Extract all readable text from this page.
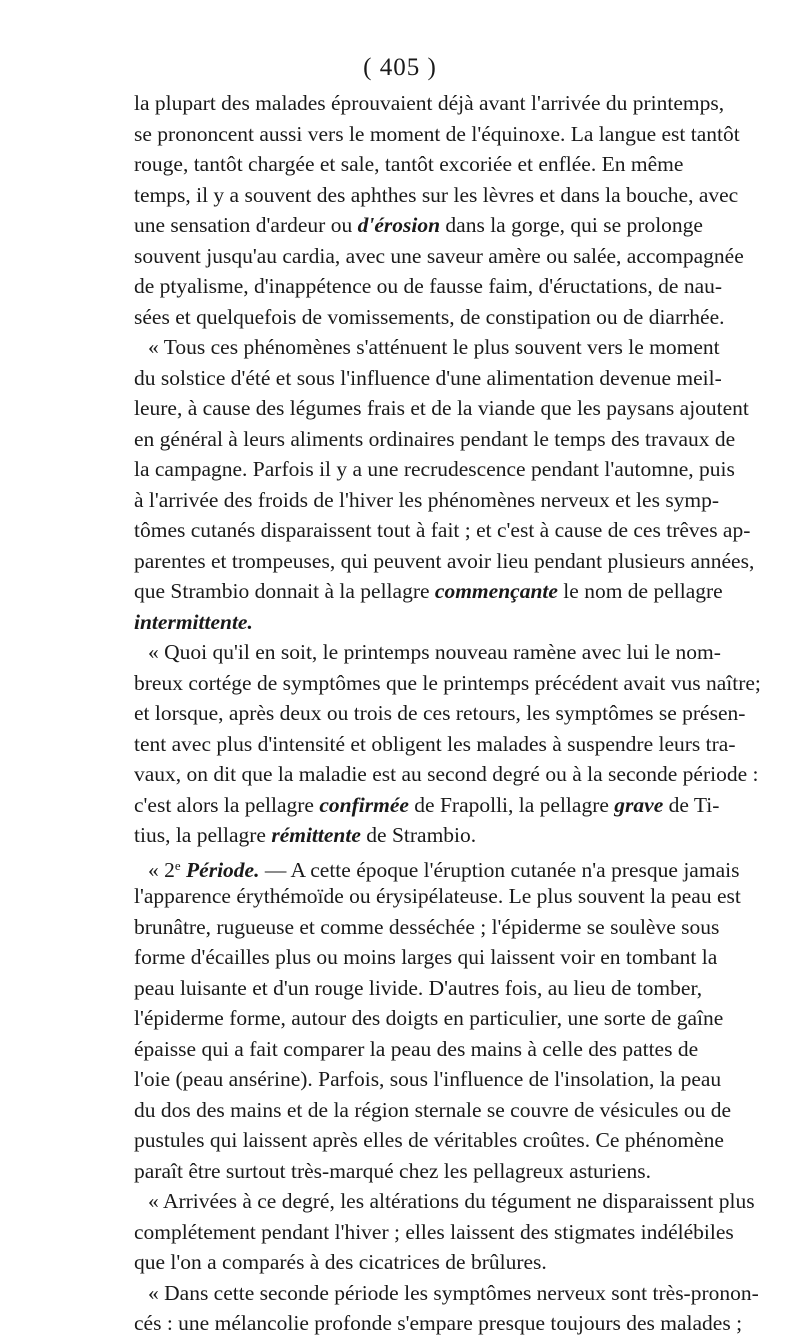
( 405 )
la plupart des malades éprouvaient déjà avant l'arrivée du printemps,
se prononcent aussi vers le moment de l'équinoxe. La langue est tantôt
rouge, tantôt chargée et sale, tantôt excoriée et enflée. En même
temps, il y a souvent des aphthes sur les lèvres et dans la bouche, avec
une sensation d'ardeur ou d'érosion dans la gorge, qui se prolonge
souvent jusqu'au cardia, avec une saveur amère ou salée, accompagnée
de ptyalisme, d'inappétence ou de fausse faim, d'éructations, de nau-
sées et quelquefois de vomissements, de constipation ou de diarrhée.
« Tous ces phénomènes s'atténuent le plus souvent vers le moment
du solstice d'été et sous l'influence d'une alimentation devenue meil-
leure, à cause des légumes frais et de la viande que les paysans ajoutent
en général à leurs aliments ordinaires pendant le temps des travaux de
la campagne. Parfois il y a une recrudescence pendant l'automne, puis
à l'arrivée des froids de l'hiver les phénomènes nerveux et les symp-
tômes cutanés disparaissent tout à fait ; et c'est à cause de ces trêves ap-
parentes et trompeuses, qui peuvent avoir lieu pendant plusieurs années,
que Strambio donnait à la pellagre commençante le nom de pellagre
intermittente.
« Quoi qu'il en soit, le printemps nouveau ramène avec lui le nom-
breux cortége de symptômes que le printemps précédent avait vus naître;
et lorsque, après deux ou trois de ces retours, les symptômes se présen-
tent avec plus d'intensité et obligent les malades à suspendre leurs tra-
vaux, on dit que la maladie est au second degré ou à la seconde période :
c'est alors la pellagre confirmée de Frapolli, la pellagre grave de Ti-
tius, la pellagre rémittente de Strambio.
« 2e Période. — A cette époque l'éruption cutanée n'a presque jamais
l'apparence érythémoïde ou érysipélateuse. Le plus souvent la peau est
brunâtre, rugueuse et comme desséchée ; l'épiderme se soulève sous
forme d'écailles plus ou moins larges qui laissent voir en tombant la
peau luisante et d'un rouge livide. D'autres fois, au lieu de tomber,
l'épiderme forme, autour des doigts en particulier, une sorte de gaîne
épaisse qui a fait comparer la peau des mains à celle des pattes de
l'oie (peau ansérine). Parfois, sous l'influence de l'insolation, la peau
du dos des mains et de la région sternale se couvre de vésicules ou de
pustules qui laissent après elles de véritables croûtes. Ce phénomène
paraît être surtout très-marqué chez les pellagreux asturiens.
« Arrivées à ce degré, les altérations du tégument ne disparaissent plus
complétement pendant l'hiver ; elles laissent des stigmates indélébiles
que l'on a comparés à des cicatrices de brûlures.
« Dans cette seconde période les symptômes nerveux sont très-pronon-
cés : une mélancolie profonde s'empare presque toujours des malades ;
